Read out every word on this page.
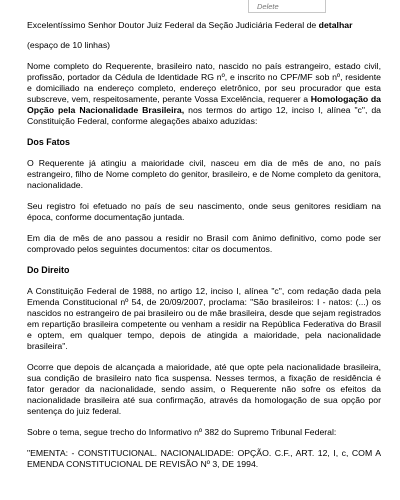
Delete

Excelentíssimo Senhor Doutor Juiz Federal da Seção Judiciária Federal de detalhar

(espaço de 10 linhas)

Nome completo do Requerente, brasileiro nato, nascido no país estrangeiro, estado civil, profissão, portador da Cédula de Identidade RG nº, e inscrito no CPF/MF sob nº, residente e domiciliado na endereço completo, endereço eletrônico, por seu procurador que esta subscreve, vem, respeitosamente, perante Vossa Excelência, requerer a Homologação da Opção pela Nacionalidade Brasileira, nos termos do artigo 12, inciso I, alínea "c", da Constituição Federal, conforme alegações abaixo aduzidas:

Dos Fatos

O Requerente já atingiu a maioridade civil, nasceu em dia de mês de ano, no país estrangeiro, filho de Nome completo do genitor, brasileiro, e de Nome completo da genitora, nacionalidade.

Seu registro foi efetuado no país de seu nascimento, onde seus genitores residiam na época, conforme documentação juntada.

Em dia de mês de ano passou a residir no Brasil com ânimo definitivo, como pode ser comprovado pelos seguintes documentos: citar os documentos.

Do Direito

A Constituição Federal de 1988, no artigo 12, inciso I, alínea "c", com redação dada pela Emenda Constitucional nº 54, de 20/09/2007, proclama: "São brasileiros: I - natos: (...) os nascidos no estrangeiro de pai brasileiro ou de mãe brasileira, desde que sejam registrados em repartição brasileira competente ou venham a residir na República Federativa do Brasil e optem, em qualquer tempo, depois de atingida a maioridade, pela nacionalidade brasileira".

Ocorre que depois de alcançada a maioridade, até que opte pela nacionalidade brasileira, sua condição de brasileiro nato fica suspensa. Nesses termos, a fixação de residência é fator gerador da nacionalidade, sendo assim, o Requerente não sofre os efeitos da nacionalidade brasileira até sua confirmação, através da homologação de sua opção por sentença do juiz federal.

Sobre o tema, segue trecho do Informativo nº 382 do Supremo Tribunal Federal:

"EMENTA: - CONSTITUCIONAL. NACIONALIDADE: OPÇÃO. C.F., ART. 12, I, c, COM A EMENDA CONSTITUCIONAL DE REVISÃO Nº 3, DE 1994.
